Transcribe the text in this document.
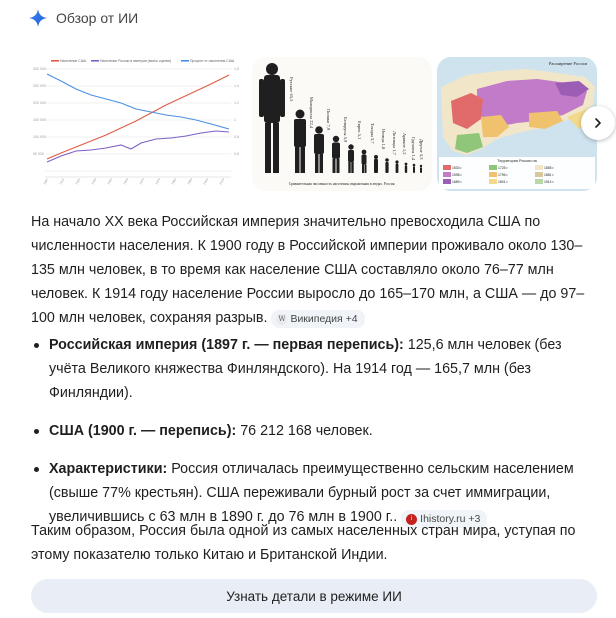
Обзор от ИИ
300 000
250 000
200 000
150 000
100 000
50 000
1,6
1,4
1,2
1
0,8
0,6
Население США	Население России в империи (взяты оценки)	Процент от населения США
1897	1913	1926	1939	1950	1959	1970	1979	1989	1999	2009	2019
Русские 65,5
Малороссы 22,4	Поляки 7,9	Белорусы 5,9 Евреи 5,1 Татары 3,7 Немцы 1,8 Литовцы 1,7 Армяне 1,2 Грузины 1,4 Другие 5,3
Сравнительная численность населения, выраженная в людях. Россия.
Расширение России
Территория России на
1533 г.
1598 г.
1689 г.
1725 г.
1796 г.
1801 г.
1855 г.
1881 г.
1914 г.
На начало XX века Российская империя значительно превосходила США по численности населения. К 1900 году в Российской империи проживало около 130–135 млн человек, в то время как население США составляло около 76–77 млн человек. К 1914 году население России выросло до 165–170 млн, а США — до 97–100 млн человек, сохраняя разрыв. W Википедия +4
Российская империя (1897 г. — первая перепись): 125,6 млн человек (без учёта Великого княжества Финляндского). На 1914 год — 165,7 млн (без Финляндии).
США (1900 г. — перепись): 76 212 168 человек.
Характеристики: Россия отличалась преимущественно сельским населением (свыше 77% крестьян). США переживали бурный рост за счет иммиграции, увеличившись с 63 млн в 1890 г. до 76 млн в 1900 г..	i Ihistory.ru +3
Таким образом, Россия была одной из самых населенных стран мира, уступая по этому показателю только Китаю и Британской Индии.
Узнать детали в режиме ИИ
